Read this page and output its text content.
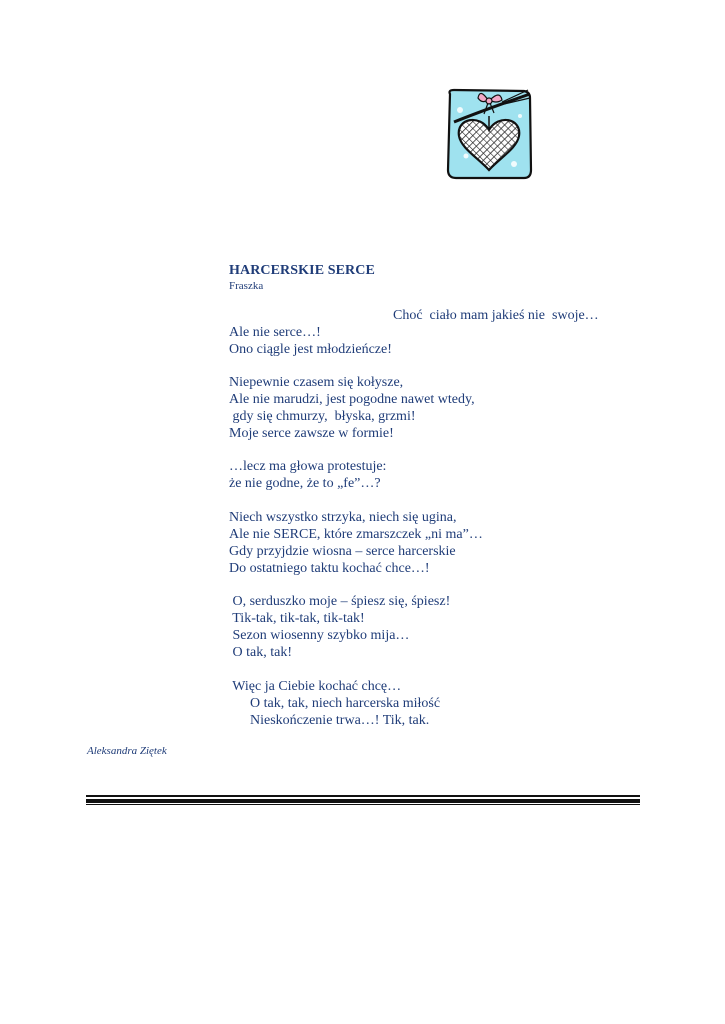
HARCERSKIE SERCE
Fraszka
Choć  ciało mam jakieś nie  swoje…
Ale nie serce…!
Ono ciągle jest młodzieńcze!
Niepewnie czasem się kołysze,
Ale nie marudzi, jest pogodne nawet wtedy,
gdy się chmurzy,  błyska, grzmi!
Moje serce zawsze w formie!
…lecz ma głowa protestuje:
że nie godne, że to „fe”…?
Niech wszystko strzyka, niech się ugina,
Ale nie SERCE, które zmarszczek „ni ma”…
Gdy przyjdzie wiosna – serce harcerskie
Do ostatniego taktu kochać chce…!
O, serduszko moje – śpiesz się, śpiesz!
Tik-tak, tik-tak, tik-tak!
Sezon wiosenny szybko mija…
O tak, tak!
Więc ja Ciebie kochać chcę…
O tak, tak, niech harcerska miłość
Nieskończenie trwa…! Tik, tak.
Aleksandra Ziętek
